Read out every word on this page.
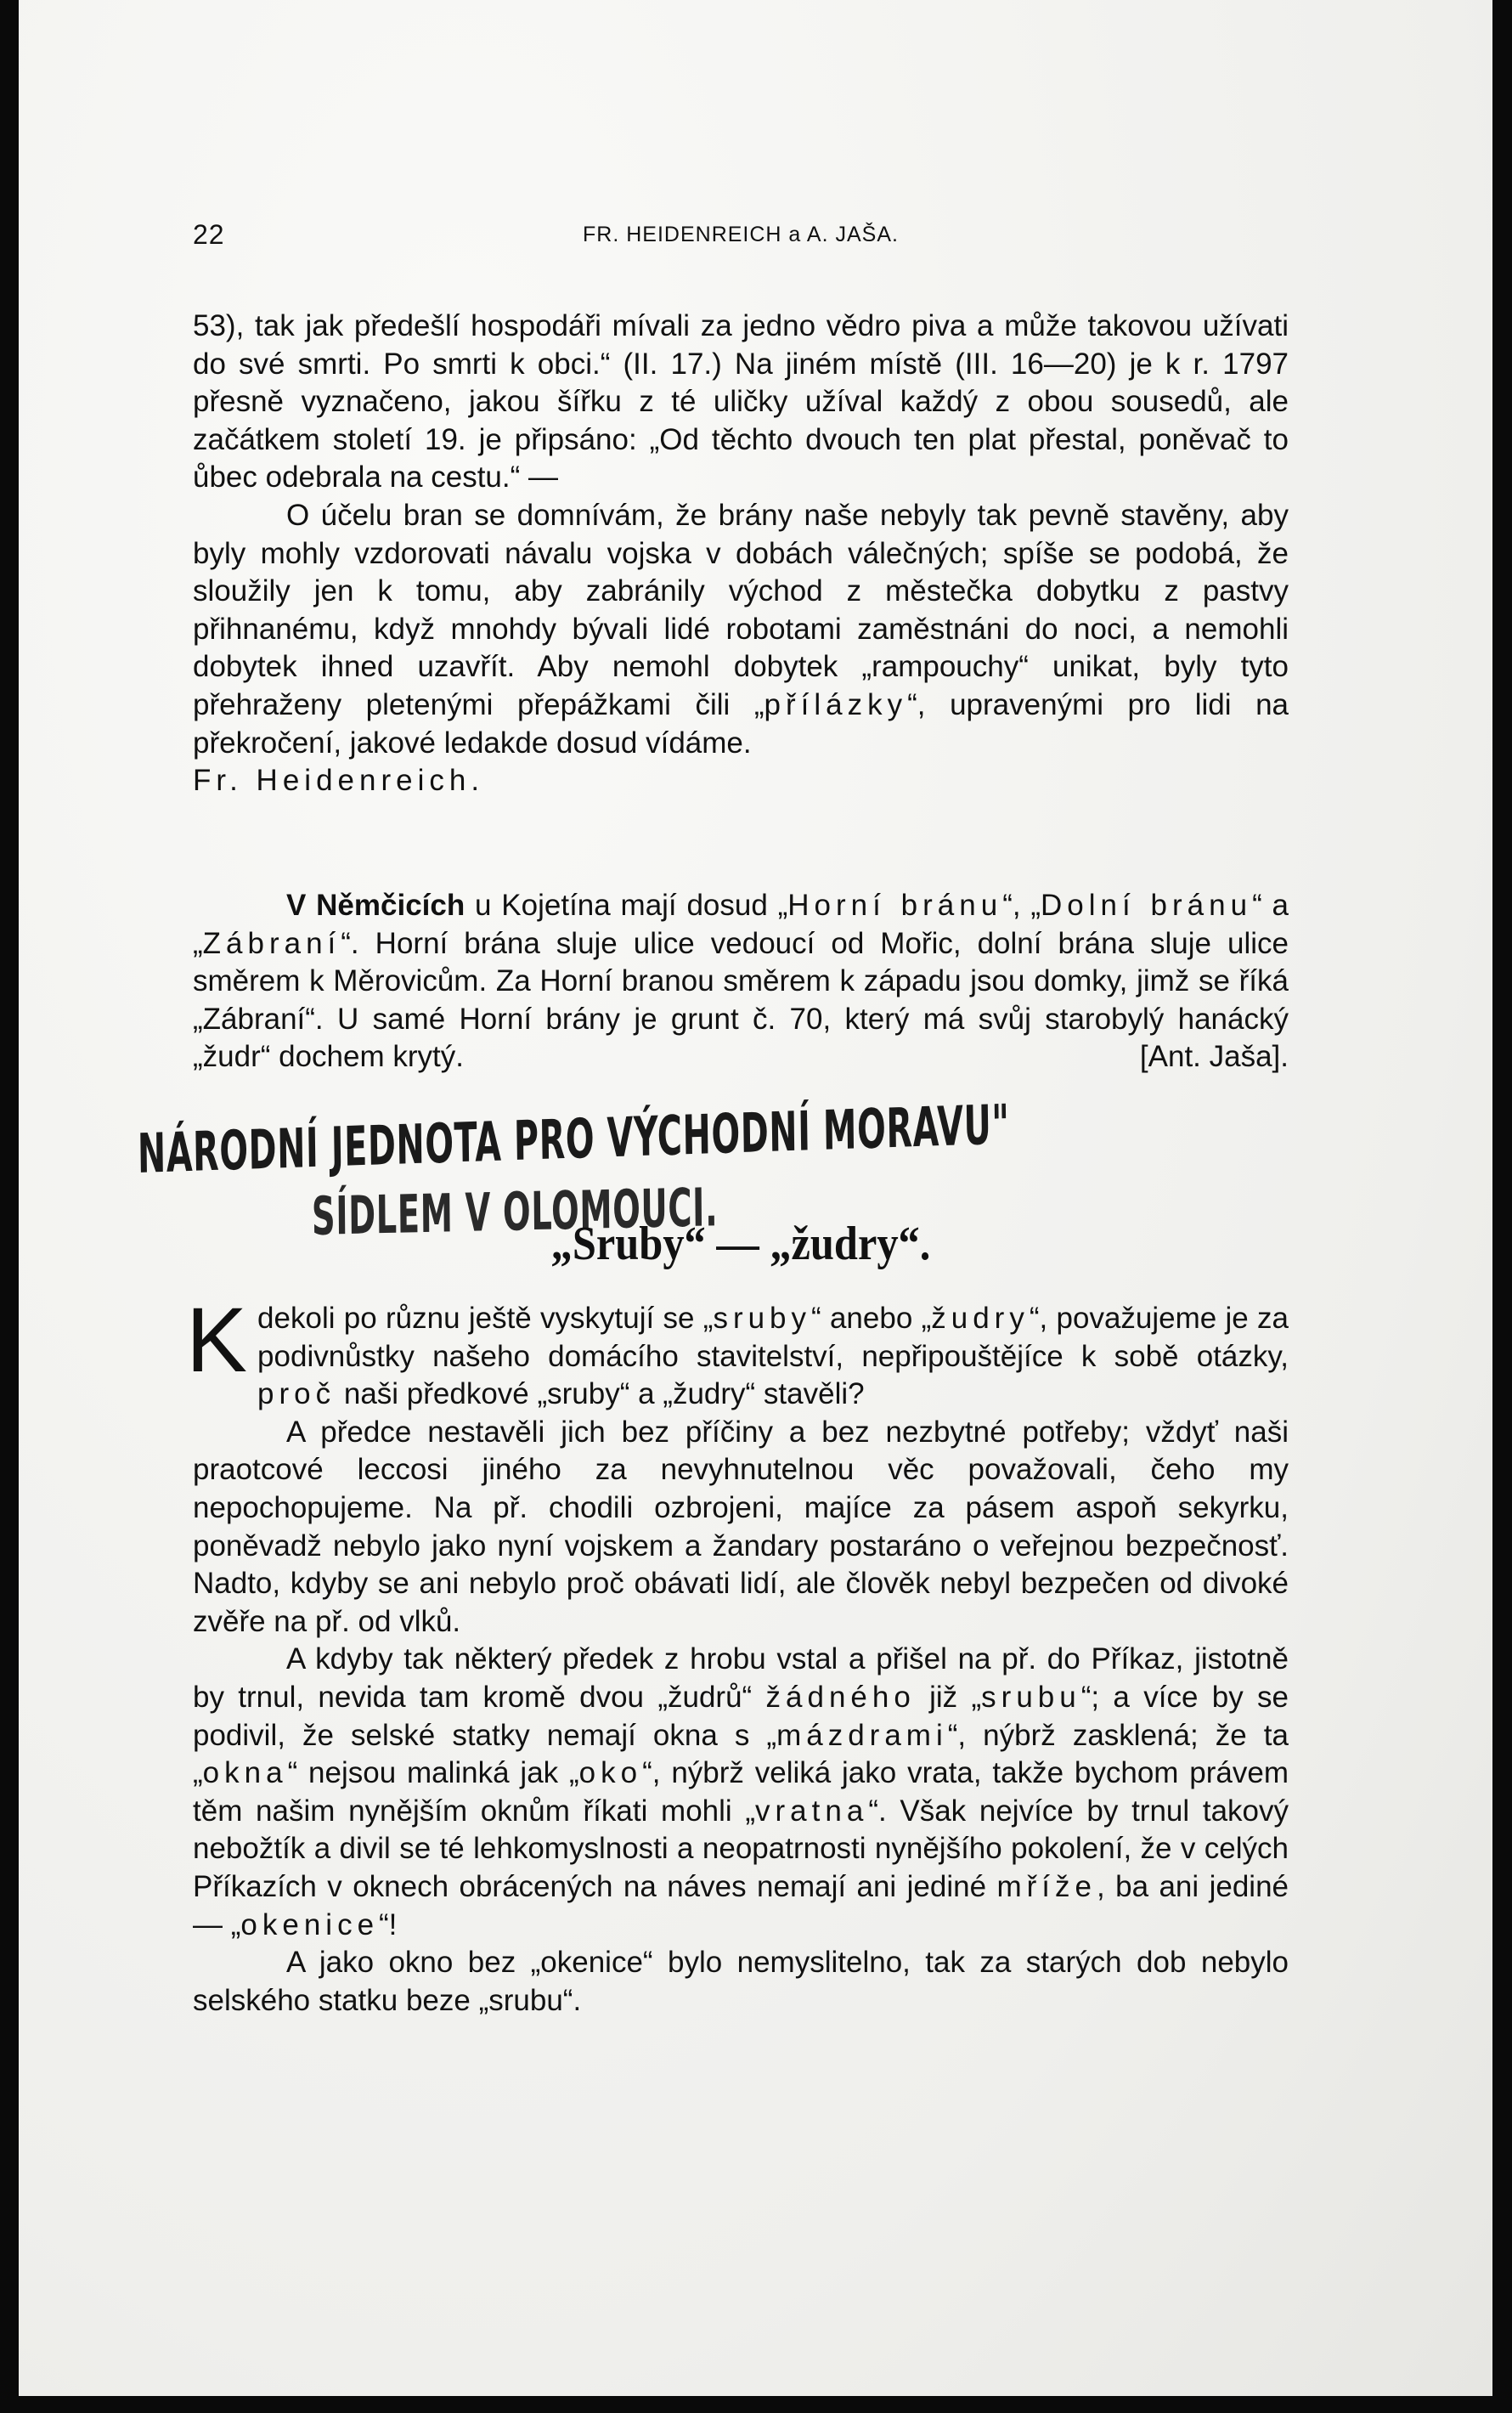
22	FR. HEIDENREICH a A. JAŠA.

53), tak jak předešlí hospodáři mívali za jedno vědro piva a může takovou užívati do své smrti. Po smrti k obci.“ (II. 17.) Na jiném místě (III. 16—20) je k r. 1797 přesně vyznačeno, jakou šířku z té uličky užíval každý z obou sousedů, ale začátkem století 19. je připsáno: „Od těchto dvouch ten plat přestal, poněvač to ůbec odebrala na cestu.“ —

O účelu bran se domnívám, že brány naše nebyly tak pevně stavěny, aby byly mohly vzdorovati návalu vojska v dobách válečných; spíše se podobá, že sloužily jen k tomu, aby zabránily východ z městečka dobytku z pastvy přihnanému, když mnohdy bývali lidé robotami zaměstnáni do noci, a nemohli dobytek ihned uzavřít. Aby nemohl dobytek „rampouchy“ unikat, byly tyto přehraženy pletenými přepážkami čili „přílázky“, upravenými pro lidi na překročení, jakové ledakde dosud vídáme.

Fr. Heidenreich.

V Němčicích u Kojetína mají dosud „Horní bránu“, „Dolní bránu“ a „Zábraní“. Horní brána sluje ulice vedoucí od Mořic, dolní brána sluje ulice směrem k Měrovicům. Za Horní branou směrem k západu jsou domky, jimž se říká „Zábraní“. U samé Horní brány je grunt č. 70, který má svůj starobylý hanácký „žudr“ dochem krytý.	[Ant. Jaša].

NÁRODNÍ JEDNOTA PRO VÝCHODNÍ MORAVU"
SÍDLEM V OLOMOUCI.
„Sruby“ — „žudry“.

Kdekoli po různu ještě vyskytují se „sruby“ anebo „žudry“, považujeme je za podivnůstky našeho domácího stavitelství, nepřipouštějíce k sobě otázky, proč naši předkové „sruby“ a „žudry“ stavěli?

A předce nestavěli jich bez příčiny a bez nezbytné potřeby; vždyť naši praotcové leccosi jiného za nevyhnutelnou věc považovali, čeho my nepochopujeme. Na př. chodili ozbrojeni, majíce za pásem aspoň sekyrku, poněvadž nebylo jako nyní vojskem a žandary postaráno o veřejnou bezpečnosť. Nadto, kdyby se ani nebylo proč obávati lidí, ale člověk nebyl bezpečen od divoké zvěře na př. od vlků.

A kdyby tak některý předek z hrobu vstal a přišel na př. do Příkaz, jistotně by trnul, nevida tam kromě dvou „žudrů“ žádného již „srubu“; a více by se podivil, že selské statky nemají okna s „mázdrami“, nýbrž zasklená; že ta „okna“ nejsou malinká jak „oko“, nýbrž veliká jako vrata, takže bychom právem těm našim nynějším oknům říkati mohli „vratna“. Však nejvíce by trnul takový nebožtík a divil se té lehkomyslnosti a neopatrnosti nynějšího pokolení, že v celých Příkazích v oknech obrácených na náves nemají ani jediné mříže, ba ani jediné — „okenice“!

A jako okno bez „okenice“ bylo nemyslitelno, tak za starých dob nebylo selského statku beze „srubu“.
